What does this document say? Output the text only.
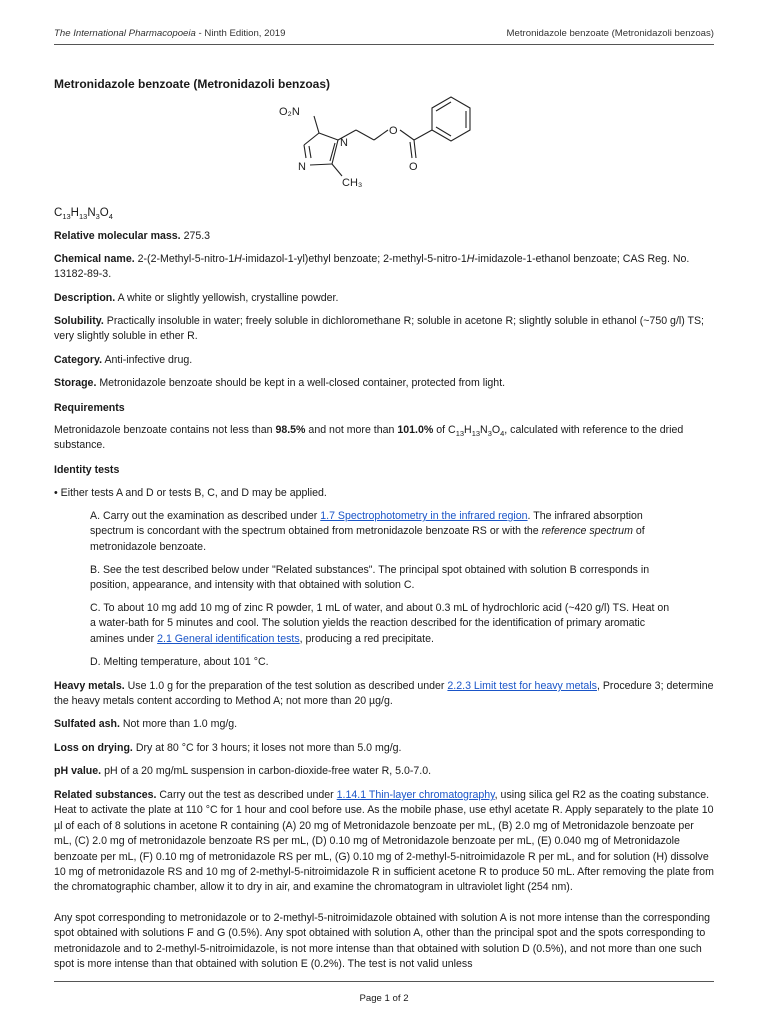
The International Pharmacopoeia - Ninth Edition, 2019	Metronidazole benzoate (Metronidazoli benzoas)
Metronidazole benzoate (Metronidazoli benzoas)
O₂N
N
N
CH₃
O
O
$C_{13}H_{13}N_3O_4$
Relative molecular mass. 275.3
Chemical name. 2-(2-Methyl-5-nitro-1H-imidazol-1-yl)ethyl benzoate; 2-methyl-5-nitro-1H-imidazole-1-ethanol benzoate; CAS Reg. No. 13182-89-3.
Description. A white or slightly yellowish, crystalline powder.
Solubility. Practically insoluble in water; freely soluble in dichloromethane R; soluble in acetone R; slightly soluble in ethanol (~750 g/l) TS; very slightly soluble in ether R.
Category. Anti-infective drug.
Storage. Metronidazole benzoate should be kept in a well-closed container, protected from light.
Requirements
Metronidazole benzoate contains not less than 98.5% and not more than 101.0% of $C_{13}H_{13}N_3O_4$, calculated with reference to the dried substance.
Identity tests
• Either tests A and D or tests B, C, and D may be applied.
A. Carry out the examination as described under 1.7 Spectrophotometry in the infrared region. The infrared absorption spectrum is concordant with the spectrum obtained from metronidazole benzoate RS or with the reference spectrum of metronidazole benzoate.
B. See the test described below under "Related substances". The principal spot obtained with solution B corresponds in position, appearance, and intensity with that obtained with solution C.
C. To about 10 mg add 10 mg of zinc R powder, 1 mL of water, and about 0.3 mL of hydrochloric acid (~420 g/l) TS. Heat on a water-bath for 5 minutes and cool. The solution yields the reaction described for the identification of primary aromatic amines under 2.1 General identification tests, producing a red precipitate.
D. Melting temperature, about 101 °C.
Heavy metals. Use 1.0 g for the preparation of the test solution as described under 2.2.3 Limit test for heavy metals, Procedure 3; determine the heavy metals content according to Method A; not more than 20 µg/g.
Sulfated ash. Not more than 1.0 mg/g.
Loss on drying. Dry at 80 °C for 3 hours; it loses not more than 5.0 mg/g.
pH value. pH of a 20 mg/mL suspension in carbon-dioxide-free water R, 5.0-7.0.
Related substances. Carry out the test as described under 1.14.1 Thin-layer chromatography, using silica gel R2 as the coating substance. Heat to activate the plate at 110 °C for 1 hour and cool before use. As the mobile phase, use ethyl acetate R. Apply separately to the plate 10 µl of each of 8 solutions in acetone R containing (A) 20 mg of Metronidazole benzoate per mL, (B) 2.0 mg of Metronidazole benzoate per mL, (C) 2.0 mg of metronidazole benzoate RS per mL, (D) 0.10 mg of Metronidazole benzoate per mL, (E) 0.040 mg of Metronidazole benzoate per mL, (F) 0.10 mg of metronidazole RS per mL, (G) 0.10 mg of 2-methyl-5-nitroimidazole R per mL, and for solution (H) dissolve 10 mg of metronidazole RS and 10 mg of 2-methyl-5-nitroimidazole R in sufficient acetone R to produce 50 mL. After removing the plate from the chromatographic chamber, allow it to dry in air, and examine the chromatogram in ultraviolet light (254 nm).
Any spot corresponding to metronidazole or to 2-methyl-5-nitroimidazole obtained with solution A is not more intense than the corresponding spot obtained with solutions F and G (0.5%). Any spot obtained with solution A, other than the principal spot and the spots corresponding to metronidazole and to 2-methyl-5-nitroimidazole, is not more intense than that obtained with solution D (0.5%), and not more than one such spot is more intense than that obtained with solution E (0.2%). The test is not valid unless
Page 1 of 2
